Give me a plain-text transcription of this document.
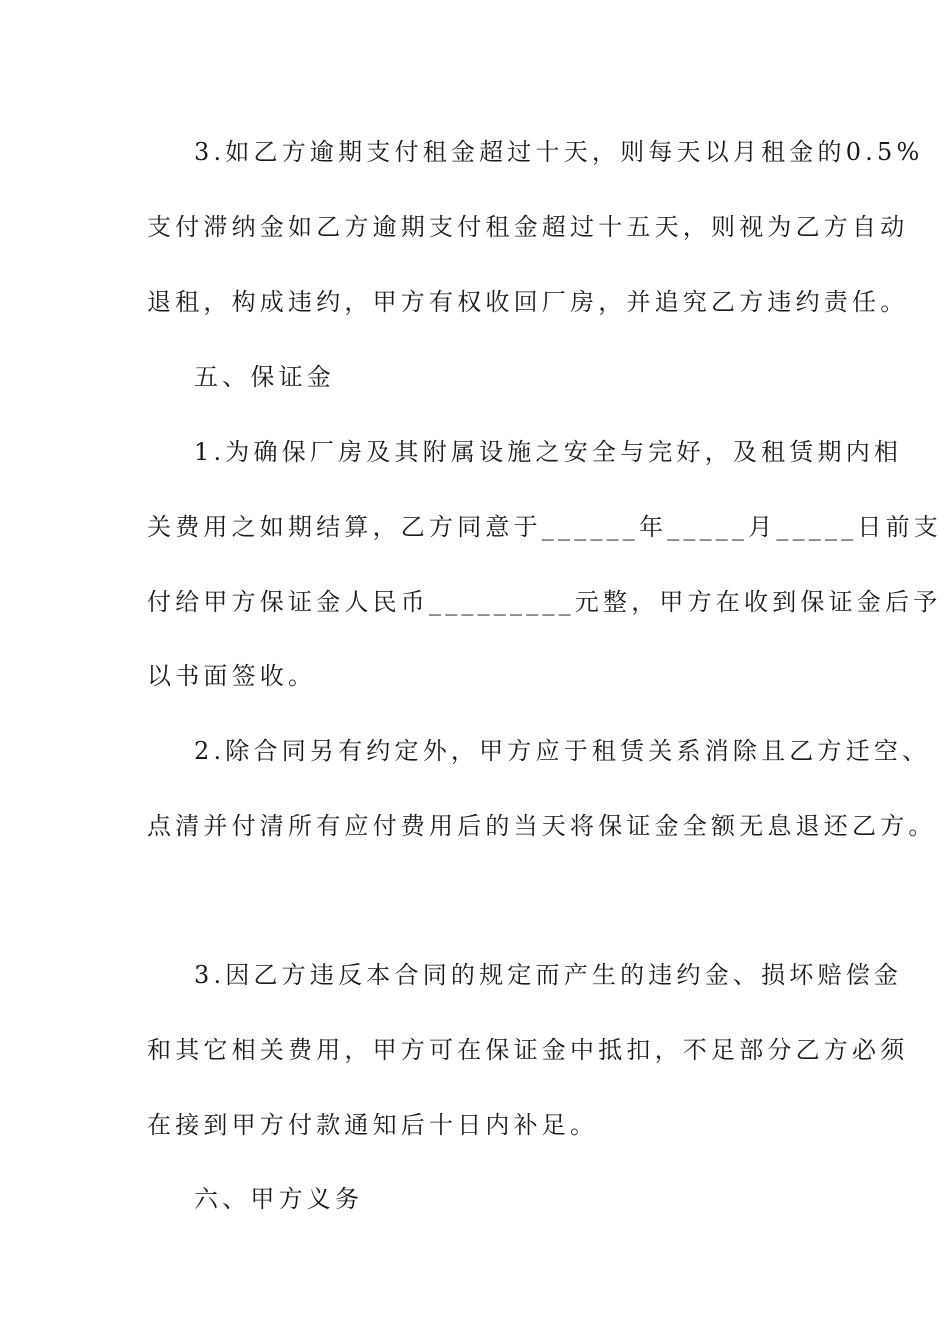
3.如乙方逾期支付租金超过十天，则每天以月租金的0.5%
支付滞纳金如乙方逾期支付租金超过十五天，则视为乙方自动
退租，构成违约，甲方有权收回厂房，并追究乙方违约责任。
五、保证金
1.为确保厂房及其附属设施之安全与完好，及租赁期内相
关费用之如期结算，乙方同意于______年_____月_____日前支
付给甲方保证金人民币_________元整，甲方在收到保证金后予
以书面签收。
2.除合同另有约定外，甲方应于租赁关系消除且乙方迁空、
点清并付清所有应付费用后的当天将保证金全额无息退还乙方。
3.因乙方违反本合同的规定而产生的违约金、损坏赔偿金
和其它相关费用，甲方可在保证金中抵扣，不足部分乙方必须
在接到甲方付款通知后十日内补足。
六、甲方义务
